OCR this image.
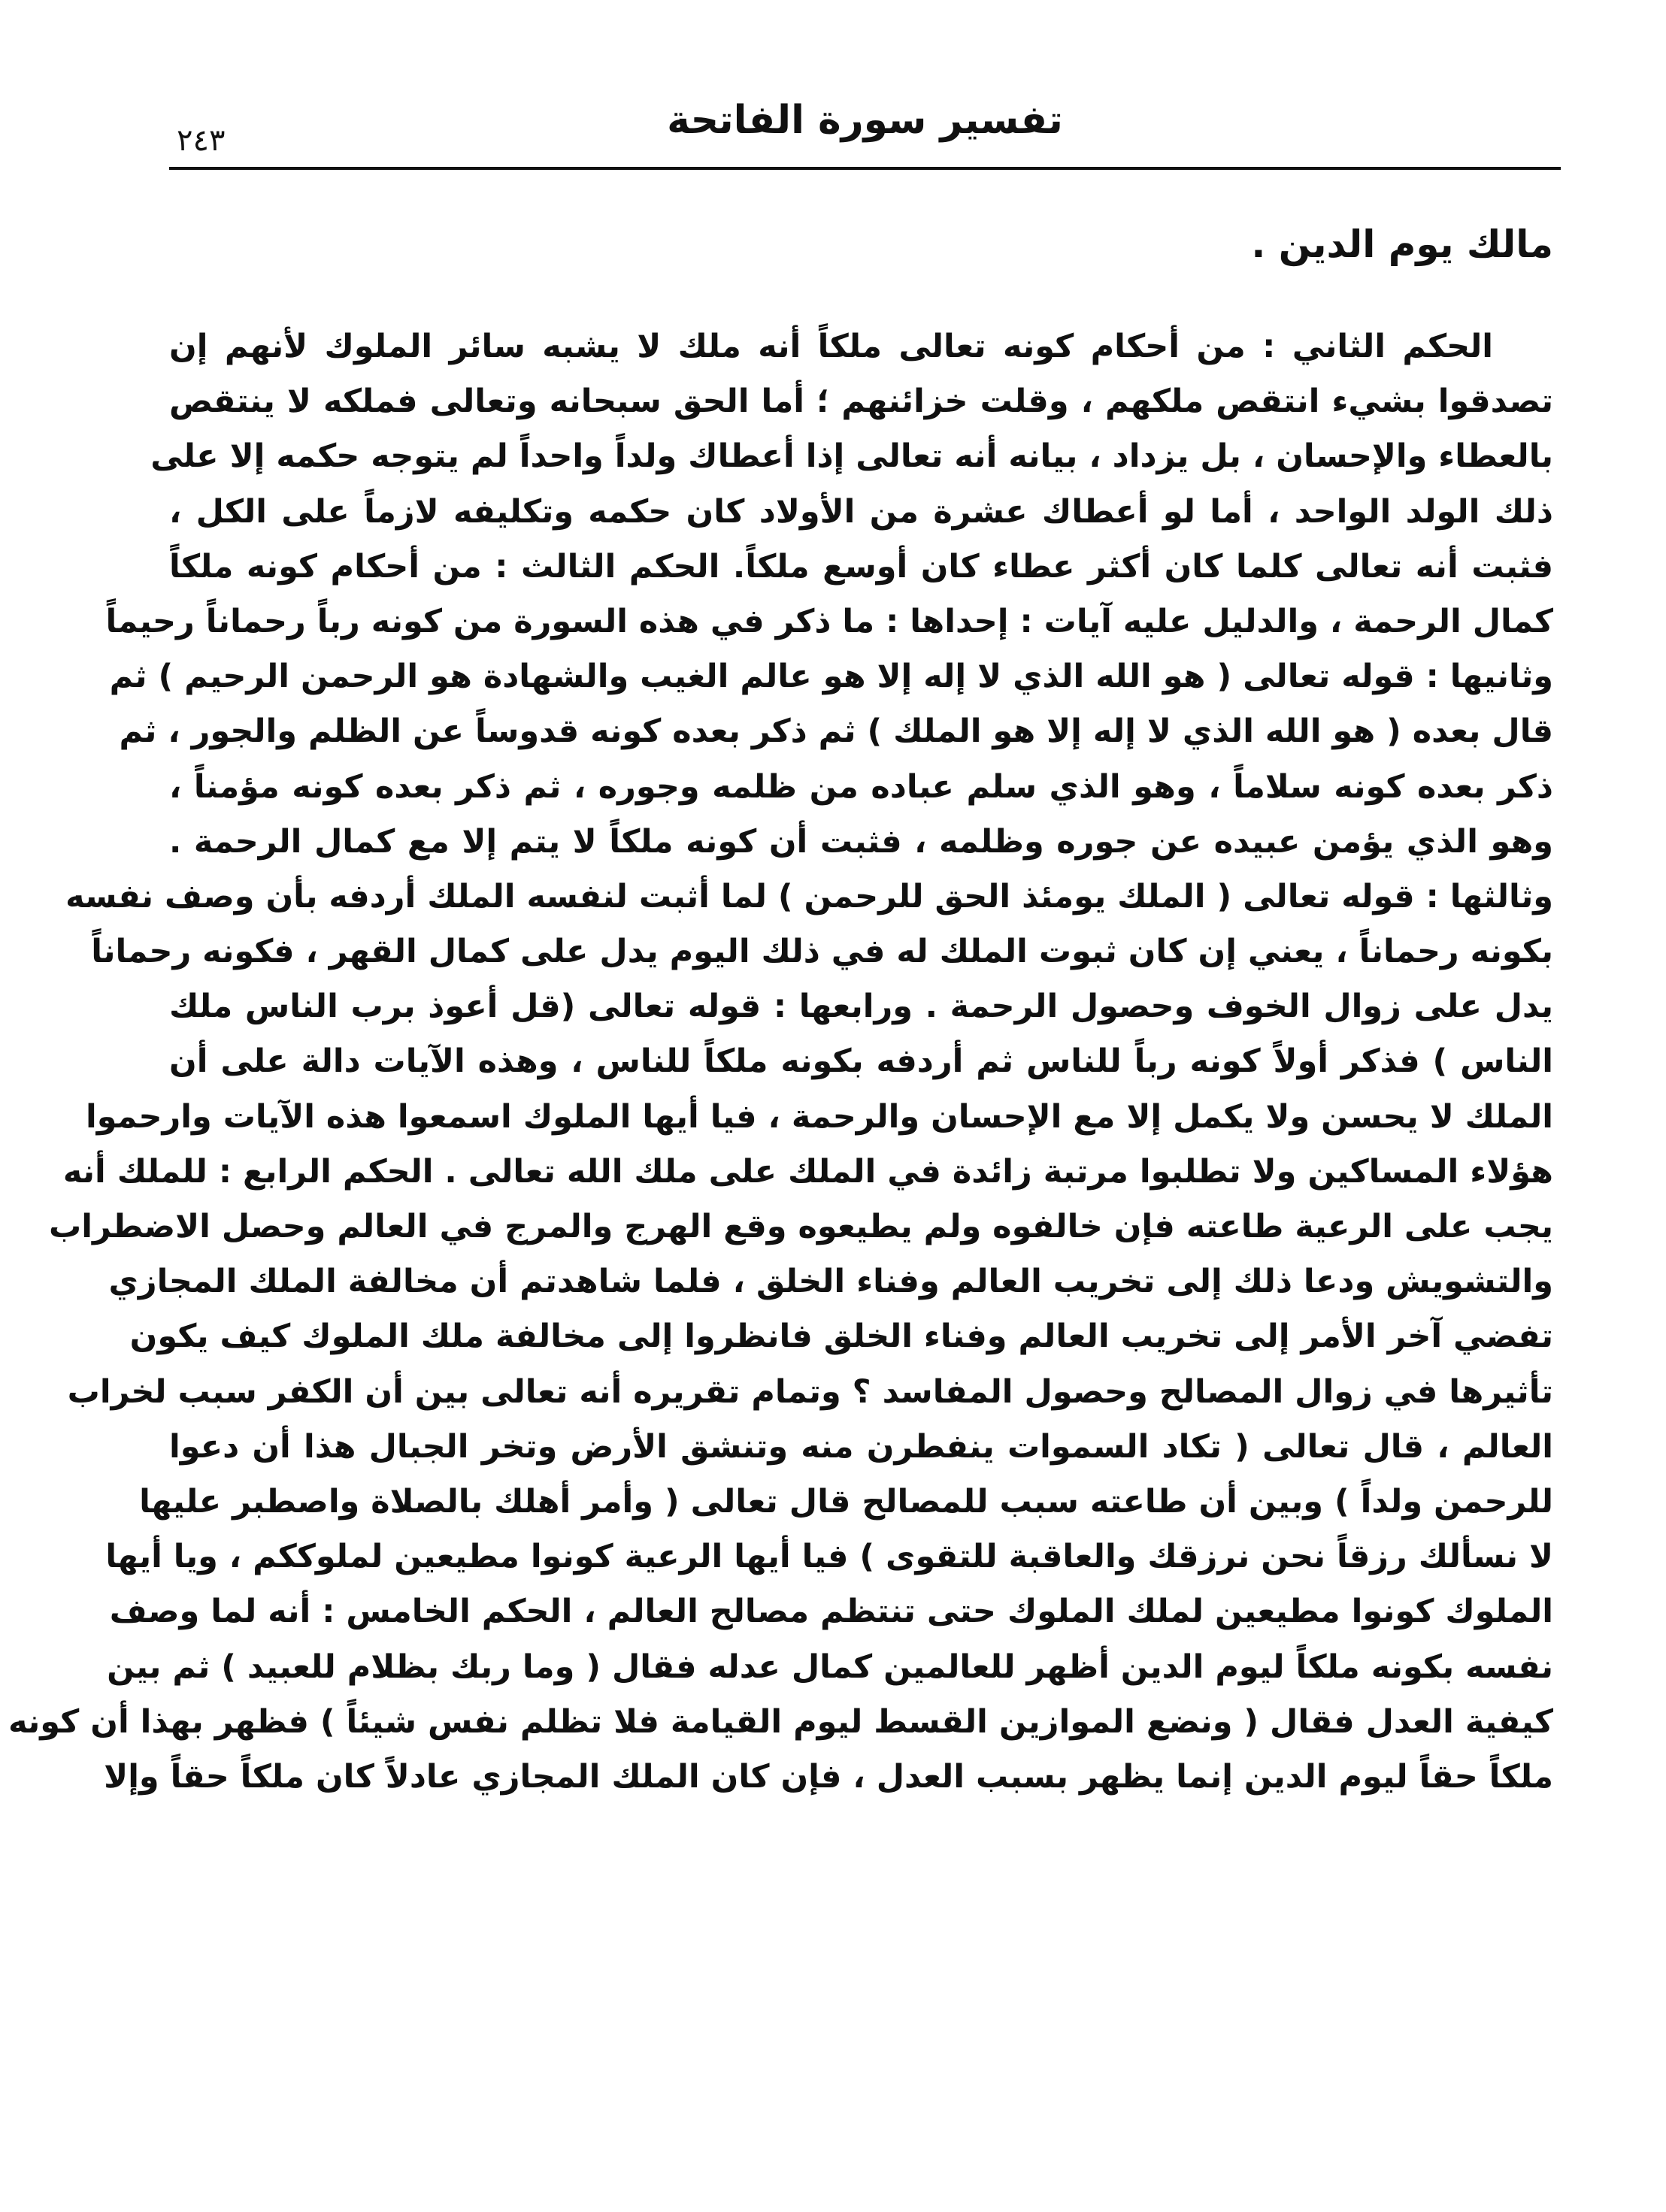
تفسير سورة الفاتحة
٢٤٣
مالك يوم الدين .
الحكم الثاني : من أحكام كونه تعالى ملكاً أنه ملك لا يشبه سائر الملوك لأنهم إن
تصدقوا بشيء انتقص ملكهم ، وقلت خزائنهم ؛ أما الحق سبحانه وتعالى فملكه لا ينتقص
بالعطاء والإحسان ، بل يزداد ، بيانه أنه تعالى إذا أعطاك ولداً واحداً لم يتوجه حكمه إلا على
ذلك الولد الواحد ، أما لو أعطاك عشرة من الأولاد كان حكمه وتكليفه لازماً على الكل ،
فثبت أنه تعالى كلما كان أكثر عطاء كان أوسع ملكاً. الحكم الثالث : من أحكام كونه ملكاً
كمال الرحمة ، والدليل عليه آيات : إحداها : ما ذكر في هذه السورة من كونه رباً رحماناً رحيماً
وثانيها : قوله تعالى ( هو الله الذي لا إله إلا هو عالم الغيب والشهادة هو الرحمن الرحيم ) ثم
قال بعده ( هو الله الذي لا إله إلا هو الملك ) ثم ذكر بعده كونه قدوساً عن الظلم والجور ، ثم
ذكر بعده كونه سلاماً ، وهو الذي سلم عباده من ظلمه وجوره ، ثم ذكر بعده كونه مؤمناً ،
وهو الذي يؤمن عبيده عن جوره وظلمه ، فثبت أن كونه ملكاً لا يتم إلا مع كمال الرحمة .
وثالثها : قوله تعالى ( الملك يومئذ الحق للرحمن ) لما أثبت لنفسه الملك أردفه بأن وصف نفسه
بكونه رحماناً ، يعني إن كان ثبوت الملك له في ذلك اليوم يدل على كمال القهر ، فكونه رحماناً
يدل على زوال الخوف وحصول الرحمة . ورابعها : قوله تعالى (قل أعوذ برب الناس ملك
الناس ) فذكر أولاً كونه رباً للناس ثم أردفه بكونه ملكاً للناس ، وهذه الآيات دالة على أن
الملك لا يحسن ولا يكمل إلا مع الإحسان والرحمة ، فيا أيها الملوك اسمعوا هذه الآيات وارحموا
هؤلاء المساكين ولا تطلبوا مرتبة زائدة في الملك على ملك الله تعالى . الحكم الرابع : للملك أنه
يجب على الرعية طاعته فإن خالفوه ولم يطيعوه وقع الهرج والمرج في العالم وحصل الاضطراب
والتشويش ودعا ذلك إلى تخريب العالم وفناء الخلق ، فلما شاهدتم أن مخالفة الملك المجازي
تفضي آخر الأمر إلى تخريب العالم وفناء الخلق فانظروا إلى مخالفة ملك الملوك كيف يكون
تأثيرها في زوال المصالح وحصول المفاسد ؟ وتمام تقريره أنه تعالى بين أن الكفر سبب لخراب
العالم ، قال تعالى ( تكاد السموات ينفطرن منه وتنشق الأرض وتخر الجبال هذا أن دعوا
للرحمن ولداً ) وبين أن طاعته سبب للمصالح قال تعالى ( وأمر أهلك بالصلاة واصطبر عليها
لا نسألك رزقاً نحن نرزقك والعاقبة للتقوى ) فيا أيها الرعية كونوا مطيعين لملوككم ، ويا أيها
الملوك كونوا مطيعين لملك الملوك حتى تنتظم مصالح العالم ، الحكم الخامس : أنه لما وصف
نفسه بكونه ملكاً ليوم الدين أظهر للعالمين كمال عدله فقال ( وما ربك بظلام للعبيد ) ثم بين
كيفية العدل فقال ( ونضع الموازين القسط ليوم القيامة فلا تظلم نفس شيئاً ) فظهر بهذا أن كونه
ملكاً حقاً ليوم الدين إنما يظهر بسبب العدل ، فإن كان الملك المجازي عادلاً كان ملكاً حقاً وإلا
